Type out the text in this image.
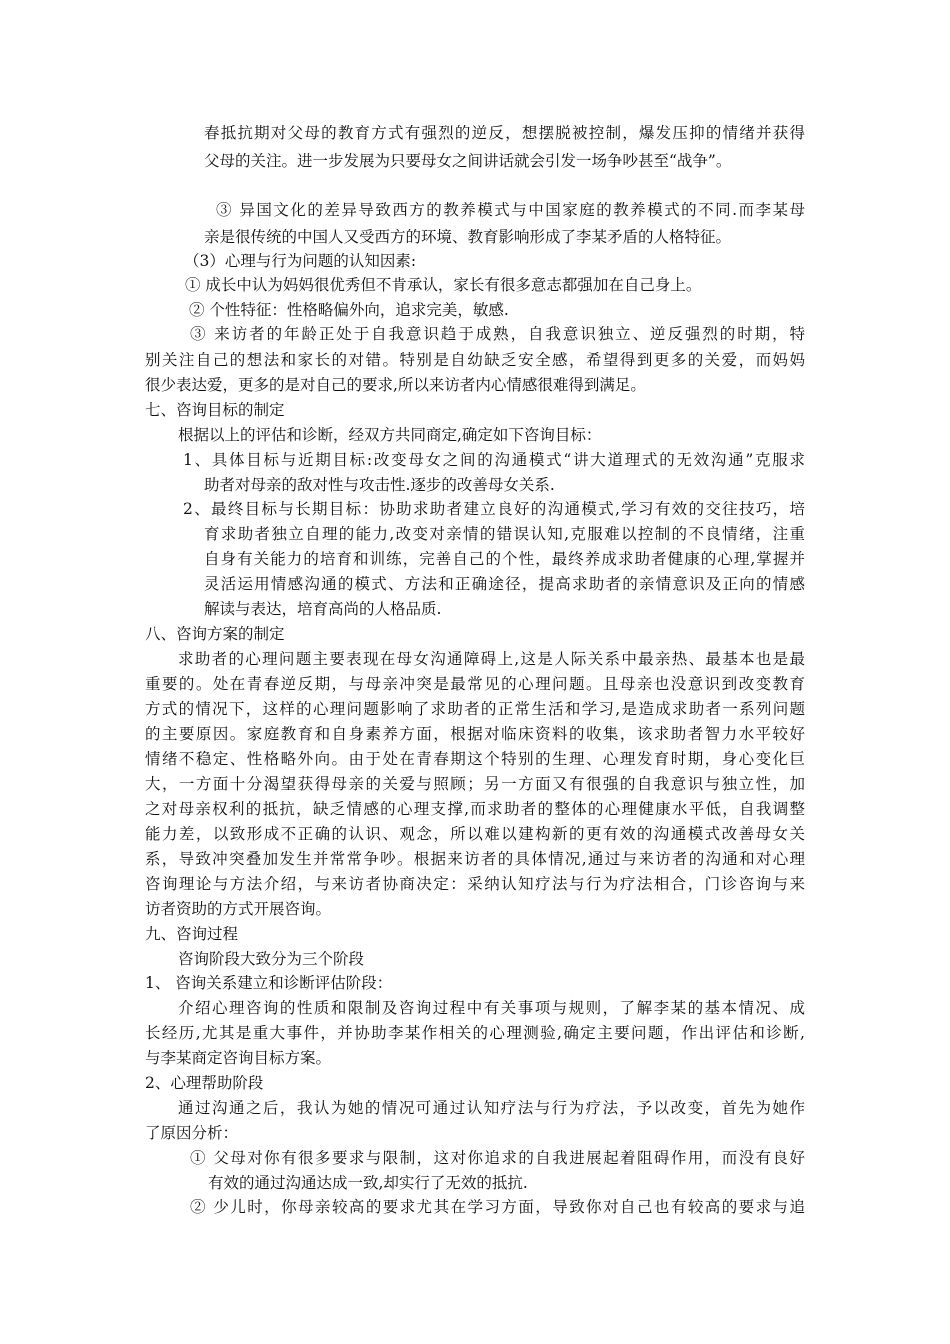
春抵抗期对父母的教育方式有强烈的逆反，想摆脱被控制，爆发压抑的情绪并获得
父母的关注。进一步发展为只要母女之间讲话就会引发一场争吵甚至“战争”。
③ 异国文化的差异导致西方的教养模式与中国家庭的教养模式的不同.而李某母
亲是很传统的中国人又受西方的环境、教育影响形成了李某矛盾的人格特征。
（3）心理与行为问题的认知因素:
① 成长中认为妈妈很优秀但不肯承认，家长有很多意志都强加在自己身上。
② 个性特征：性格略偏外向，追求完美，敏感.
③ 来访者的年龄正处于自我意识趋于成熟，自我意识独立、逆反强烈的时期，特
别关注自己的想法和家长的对错。特别是自幼缺乏安全感，希望得到更多的关爱，而妈妈
很少表达爱，更多的是对自己的要求,所以来访者内心情感很难得到满足。
七、咨询目标的制定
根据以上的评估和诊断，经双方共同商定,确定如下咨询目标：
1、具体目标与近期目标:改变母女之间的沟通模式“讲大道理式的无效沟通”克服求
助者对母亲的敌对性与攻击性.逐步的改善母女关系.
2、最终目标与长期目标：协助求助者建立良好的沟通模式,学习有效的交往技巧，培
育求助者独立自理的能力,改变对亲情的错误认知,克服难以控制的不良情绪，注重
自身有关能力的培育和训练，完善自己的个性，最终养成求助者健康的心理,掌握并
灵活运用情感沟通的模式、方法和正确途径，提高求助者的亲情意识及正向的情感
解读与表达，培育高尚的人格品质.
八、咨询方案的制定
求助者的心理问题主要表现在母女沟通障碍上,这是人际关系中最亲热、最基本也是最
重要的。处在青春逆反期，与母亲冲突是最常见的心理问题。且母亲也没意识到改变教育
方式的情况下，这样的心理问题影响了求助者的正常生活和学习,是造成求助者一系列问题
的主要原因。家庭教育和自身素养方面，根据对临床资料的收集，该求助者智力水平较好
情绪不稳定、性格略外向。由于处在青春期这个特别的生理、心理发育时期，身心变化巨
大，一方面十分渴望获得母亲的关爱与照顾；另一方面又有很强的自我意识与独立性，加
之对母亲权利的抵抗，缺乏情感的心理支撑,而求助者的整体的心理健康水平低，自我调整
能力差，以致形成不正确的认识、观念，所以难以建构新的更有效的沟通模式改善母女关
系，导致冲突叠加发生并常常争吵。根据来访者的具体情况,通过与来访者的沟通和对心理
咨询理论与方法介绍，与来访者协商决定：采纳认知疗法与行为疗法相合，门诊咨询与来
访者资助的方式开展咨询。
九、咨询过程
咨询阶段大致分为三个阶段
1、 咨询关系建立和诊断评估阶段：
介绍心理咨询的性质和限制及咨询过程中有关事项与规则，了解李某的基本情况、成
长经历,尤其是重大事件，并协助李某作相关的心理测验,确定主要问题，作出评估和诊断,
与李某商定咨询目标方案。
2、心理帮助阶段
通过沟通之后，我认为她的情况可通过认知疗法与行为疗法，予以改变，首先为她作
了原因分析：
① 父母对你有很多要求与限制，这对你追求的自我进展起着阻碍作用，而没有良好
有效的通过沟通达成一致,却实行了无效的抵抗.
② 少儿时，你母亲较高的要求尤其在学习方面，导致你对自己也有较高的要求与追
